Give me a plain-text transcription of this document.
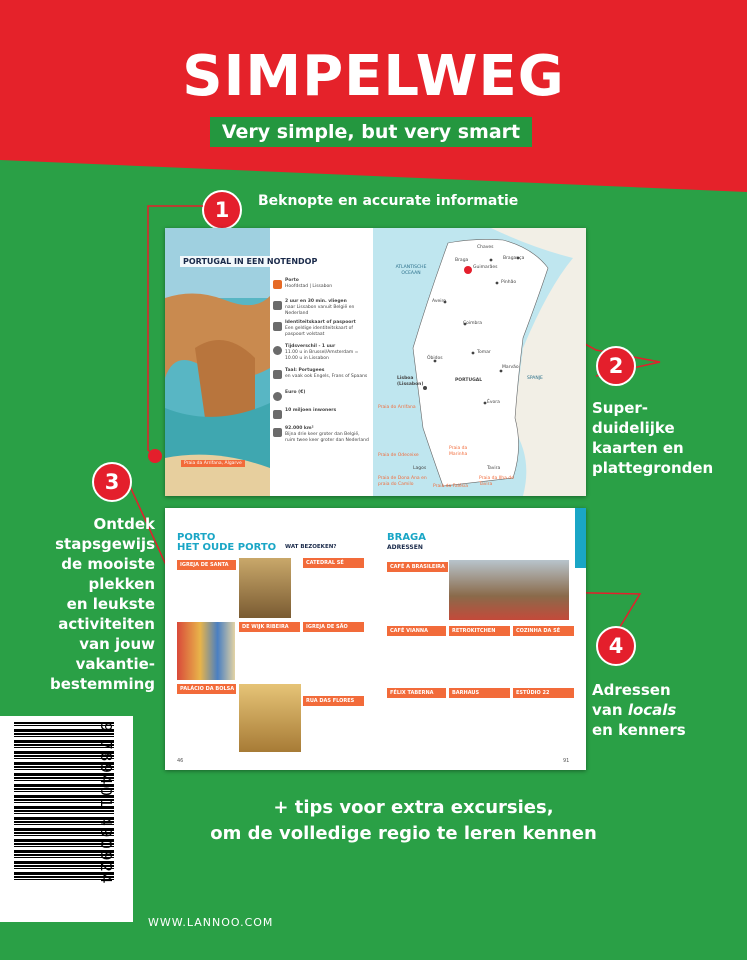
SIMPELWEG
Very simple, but very smart
1	Beknopte en accurate informatie
Praia da Arrifana, Algarve
PORTUGAL IN EEN NOTENDOP
Porto
Hoofdstad | Lissabon
2 uur en 30 min. vliegen
naar Lissabon vanuit België en Nederland
Identiteitskaart of paspoort
Een geldige identiteitskaart of paspoort volstaat
Tijdsverschil - 1 uur
11.00 u in Brussel/Amsterdam = 10.00 u in Lissabon
Taal: Portugees
en vaak ook Engels, Frans of Spaans
Euro (€)
10 miljoen inwoners
92.000 km²
Bijna drie keer groter dan België, ruim twee keer groter dan Nederland
Braga
Guimarães
Bragança
Chaves
ATLANTISCHE OCEAAN
Pinhão
Aveiro
Coimbra
Óbidos
Tomar
Marvão
Lisboa (Lissabon)
PORTUGAL	SPANJE
Évora
Praia do Arrifana
Praia da Marinha
Praia de Odeceixe
Lagos	Tavira
Praia da Ilha de Tavira
Praia de Dona Ana en praia do Camilo	Praia da Falésia
2
Super-
duidelijke
kaarten en
plattegronden
3
Ontdek
stapsgewijs
de mooiste
plekken
en leukste
activiteiten
van jouw
vakantie-
bestemming
PORTO
HET OUDE PORTO WAT BEZOEKEN?
IGREJA DE SANTA CLARA
CATEDRAL SÉ
DE WIJK RIBEIRA	IGREJA DE SÃO FRANCISCO
PALÁCIO DA BOLSA
RUA DAS FLORES
46
BRAGA
ADRESSEN
CAFÉ A BRASILEIRA
CAFÉ VIANNA	RETROKITCHEN	COZINHA DA SÉ
FÉLIX TABERNA	BARHAUS	ESTÚDIO 22
91
4
Adressen
van locals
en kenners
+ tips voor extra excursies,
om de volledige regio te leren kennen
9 789401 490924
WWW.LANNOO.COM
